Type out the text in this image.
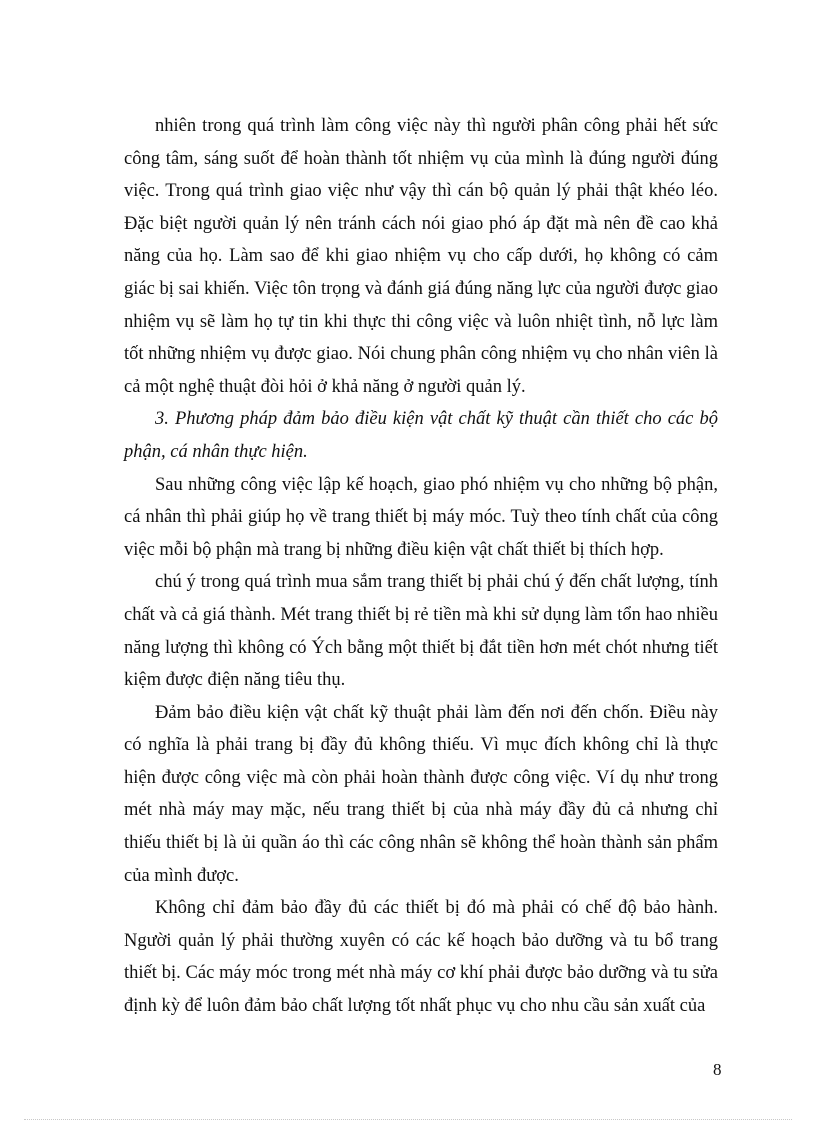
nhiên trong quá trình làm công việc này thì người phân công phải hết sức công tâm, sáng suốt để hoàn thành tốt nhiệm vụ của mình là đúng người đúng việc. Trong quá trình giao việc như vậy thì cán bộ quản lý phải thật khéo léo. Đặc biệt người quản lý nên tránh cách nói giao phó áp đặt mà nên đề cao khả năng của họ. Làm sao để khi giao nhiệm vụ cho cấp dưới, họ không có cảm giác bị sai khiến. Việc tôn trọng và đánh giá đúng năng lực của người được giao nhiệm vụ sẽ làm họ tự tin khi thực thi công việc và luôn nhiệt tình, nỗ lực làm tốt những nhiệm vụ được giao. Nói chung phân công nhiệm vụ cho nhân viên là cả một nghệ thuật đòi hỏi ở khả năng ở người quản lý.

3. Phương pháp đảm bảo điều kiện vật chất kỹ thuật cần thiết cho các bộ phận, cá nhân thực hiện.

Sau những công việc lập kế hoạch, giao phó nhiệm vụ cho những bộ phận, cá nhân thì phải giúp họ về trang thiết bị máy móc. Tuỳ theo tính chất của công việc mỗi bộ phận mà trang bị những điều kiện vật chất thiết bị thích hợp.

chú ý trong quá trình mua sắm trang thiết bị phải chú ý đến chất lượng, tính chất và cả giá thành. Mét trang thiết bị rẻ tiền mà khi sử dụng làm tổn hao nhiều năng lượng thì không có Ých bằng một thiết bị đắt tiền hơn mét chót nhưng tiết kiệm được điện năng tiêu thụ.

Đảm bảo điều kiện vật chất kỹ thuật phải làm đến nơi đến chốn. Điều này có nghĩa là phải trang bị đầy đủ không thiếu. Vì mục đích không chỉ là thực hiện được công việc mà còn phải hoàn thành được công việc. Ví dụ như trong mét nhà máy may mặc, nếu trang thiết bị của nhà máy đầy đủ cả nhưng chỉ thiếu thiết bị là ủi quần áo thì các công nhân sẽ không thể hoàn thành sản phẩm của mình được.

Không chỉ đảm bảo đầy đủ các thiết bị đó mà phải có chế độ bảo hành. Người quản lý phải thường xuyên có các kế hoạch bảo dưỡng và tu bổ trang thiết bị. Các máy móc trong mét nhà máy cơ khí phải được bảo dưỡng và tu sửa định kỳ để luôn đảm bảo chất lượng tốt nhất phục vụ cho nhu cầu sản xuất của

8
